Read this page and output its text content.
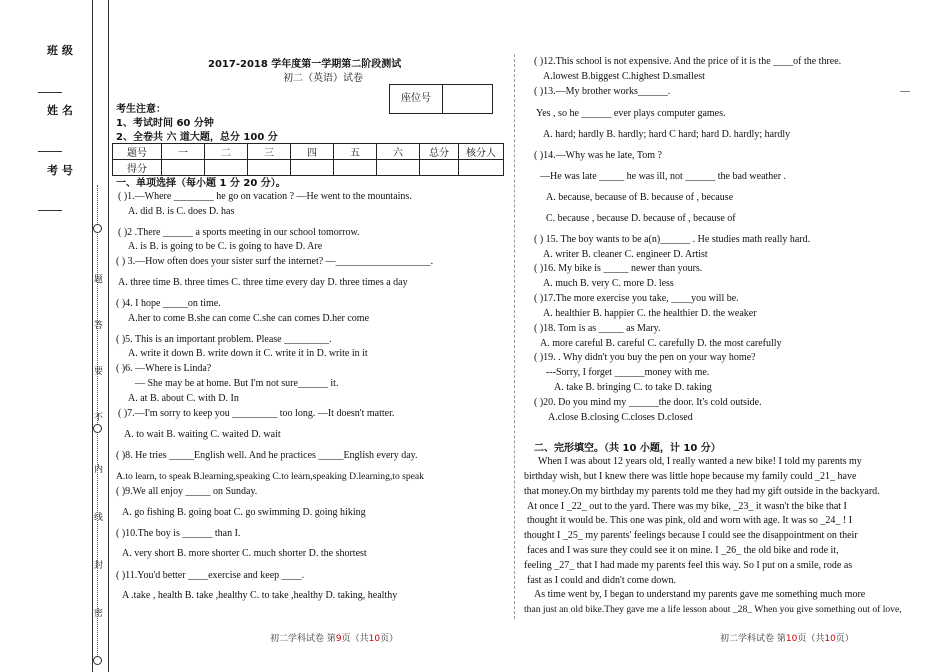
班 级
姓 名
考 号
题
答
要
不
内
线
封
密
2017-2018 学年度第一学期第二阶段测试
初二（英语）试卷
座位号
考生注意：
1、考试时间 60 分钟
2、全卷共 六 道大题，总分 100 分
题号	一	二	三	四	五	六	总分	核分人
得分								
一、单项选择（每小题 1 分 20 分）。
( )1.—Where ________ he go on vacation ? —He went to the mountains.
A. did B. is C. does D. has
( )2 .There ______ a sports meeting in our school tomorrow.
A. is B. is going to be C. is going to have D. Are
( ) 3.—How often does your sister surf the internet? —___________________.
A. three time B. three times C. three time every day D. three times a day
( )4. I hope _____on time.
A.her to come B.she can come C.she can comes D.her come
( )5. This is an important problem. Please _________.
A. write it down B. write down it C. write it in D. write in it
( )6. —Where is Linda?
— She may be at home. But I'm not sure______ it.
A. at B. about C. with D. In
( )7.—I'm sorry to keep you _________ too long. —It doesn't matter.
A. to wait B. waiting C. waited D. wait
( )8. He tries _____English well. And he practices _____English every day.
A.to learn, to speak B.learning,speaking C.to learn,speaking D.learning,to speak
( )9.We all enjoy _____ on Sunday.
A. go fishing B. going boat C. go swimming D. going hiking
( )10.The boy is ______ than I.
A. very short B. more shorter C. much shorter D. the shortest
( )11.You'd better ____exercise and keep ____.
A .take , health B. take ,healthy C. to take ,healthy D. taking, healthy
( )12.This school is not expensive. And the price of it is the ____of the three.
A.lowest B.biggest C.highest D.smallest
( )13.—My brother works______.	—
Yes , so he ______ ever plays computer games.
A. hard; hardly B. hardly; hard C hard; hard D. hardly; hardly
( )14.—Why was he late, Tom ?
—He was late _____ he was ill, not ______ the bad weather .
A. because, because of B. because of , because
C. because , because D. because of , because of
( ) 15. The boy wants to be a(n)______ . He studies math really hard.
A. writer B. cleaner C. engineer D. Artist
( )16. My bike is _____ newer than yours.
A. much B. very C. more D. less
( )17.The more exercise you take, ____you will be.
A. healthier B. happier C. the healthier D. the weaker
( )18. Tom is as _____ as Mary.
A. more careful B. careful C. carefully D. the most carefully
( )19. . Why didn't you buy the pen on your way home?
---Sorry, I forget ______money with me.
A. take B. bringing C. to take D. taking
( )20. Do you mind my ______the door. It's cold outside.
A.close B.closing C.closes D.closed
二、完形填空。（共 10 小题，计 10 分）
When I was about 12 years old, I really wanted a new bike! I told my parents my
birthday wish, but I knew there was little hope because my family could _21_ have
that money.On my birthday my parents told me they had my gift outside in the backyard.
At once I _22_ out to the yard. There was my bike, _23_ it wasn't the bike that I
thought it would be. This one was pink, old and worn with age. It was so _24_ ! I
thought I _25_ my parents' feelings because I could see the disappointment on their
faces and I was sure they could see it on mine. I _26_ the old bike and rode it,
feeling _27_ that I had made my parents feel this way. So I put on a smile, rode as
fast as I could and didn't come down.
As time went by, I began to understand my parents gave me something much more
than just an old bike.They gave me a life lesson about _28_ When you give something out of love,
初二学科试卷 第9页（共10页）	初二学科试卷 第10页（共10页）
